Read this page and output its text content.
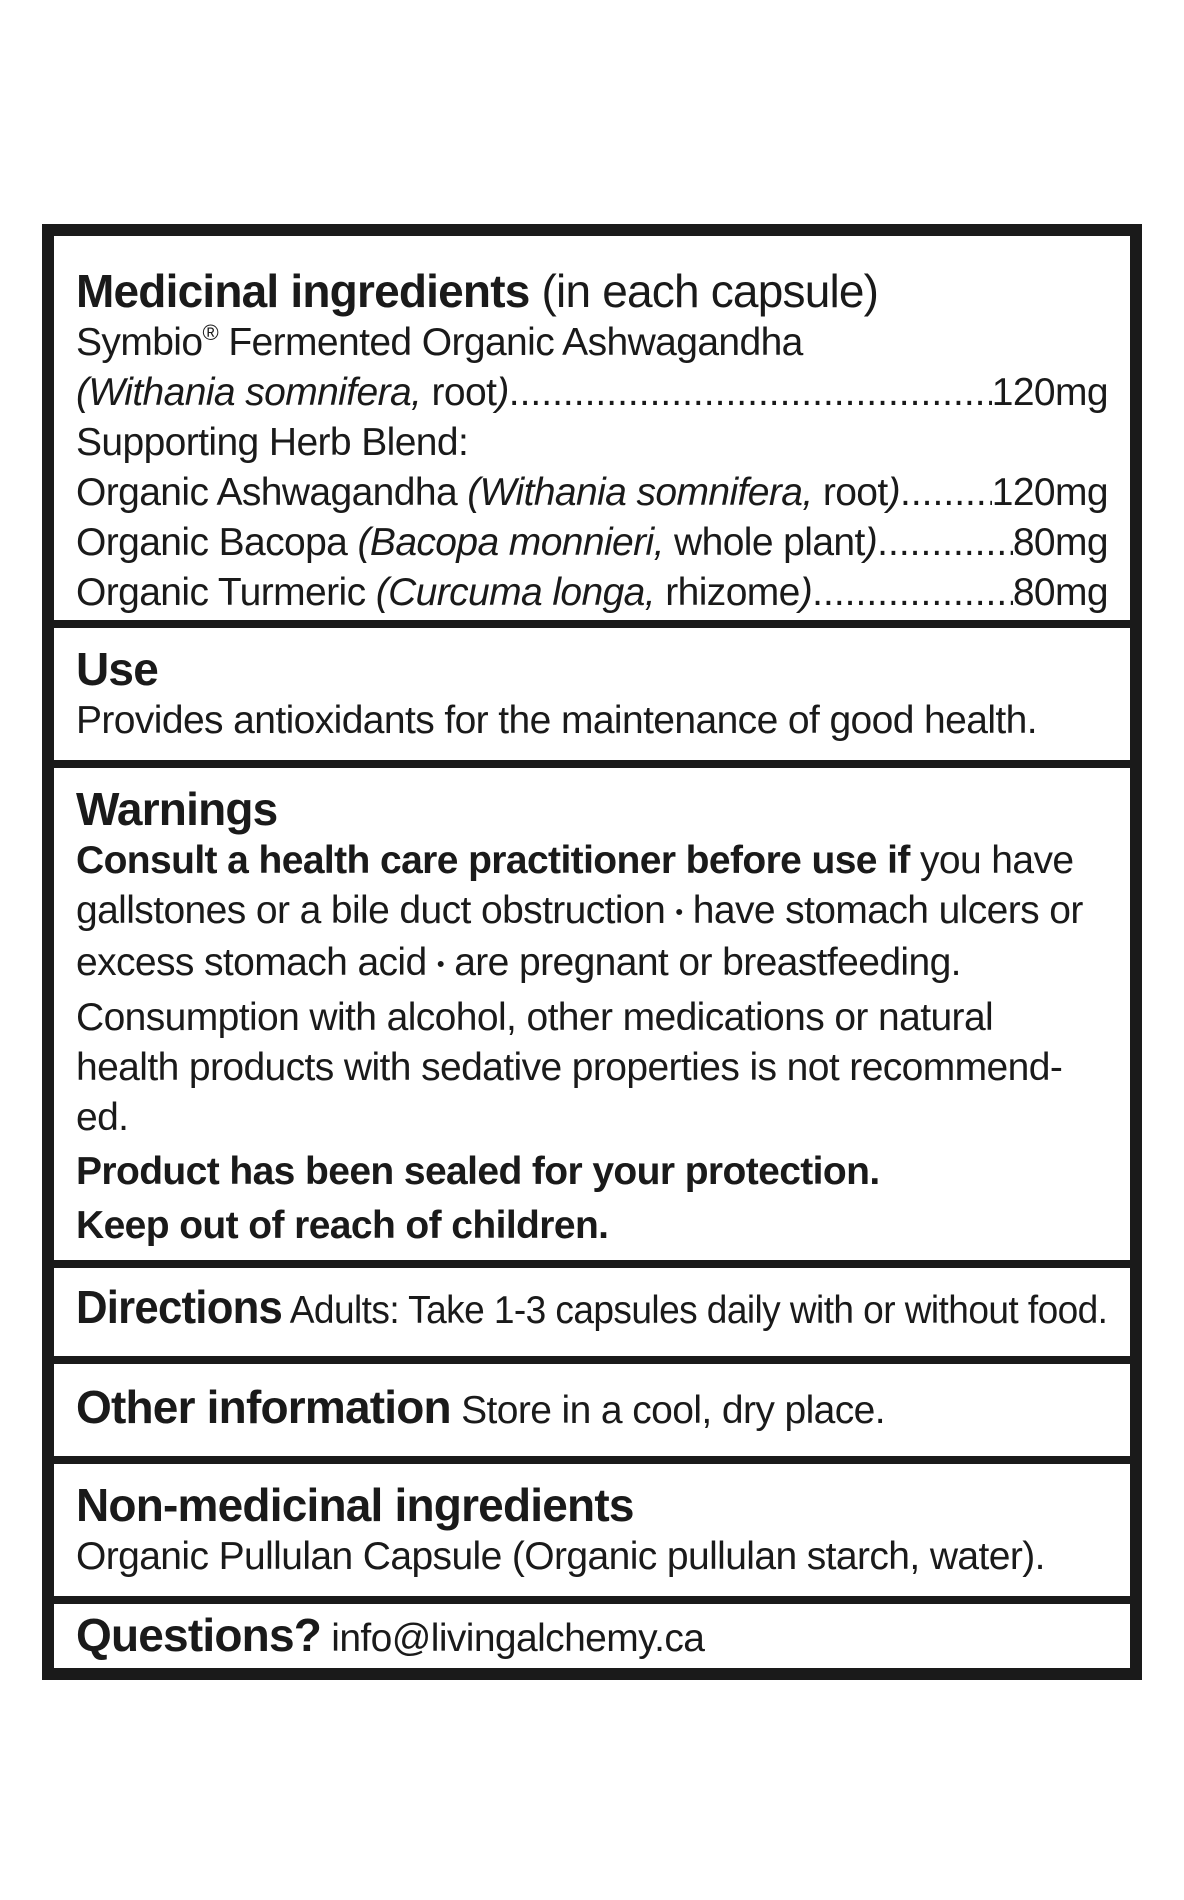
Medicinal ingredients (in each capsule)
Symbio® Fermented Organic Ashwagandha
(Withania somnifera, root) .....	120mg
Supporting Herb Blend:
Organic Ashwagandha (Withania somnifera, root) ..... 120mg
Organic Bacopa (Bacopa monnieri, whole plant) .....	80mg
Organic Turmeric (Curcuma longa, rhizome) .....	80mg
Use
Provides antioxidants for the maintenance of good health.
Warnings
Consult a health care practitioner before use if you have
gallstones or a bile duct obstruction • have stomach ulcers or
excess stomach acid • are pregnant or breastfeeding.
Consumption with alcohol, other medications or natural
health products with sedative properties is not recommend-
ed.
Product has been sealed for your protection.
Keep out of reach of children.
Directions Adults: Take 1-3 capsules daily with or without food.
Other information Store in a cool, dry place.
Non-medicinal ingredients
Organic Pullulan Capsule (Organic pullulan starch, water).
Questions? info@livingalchemy.ca
